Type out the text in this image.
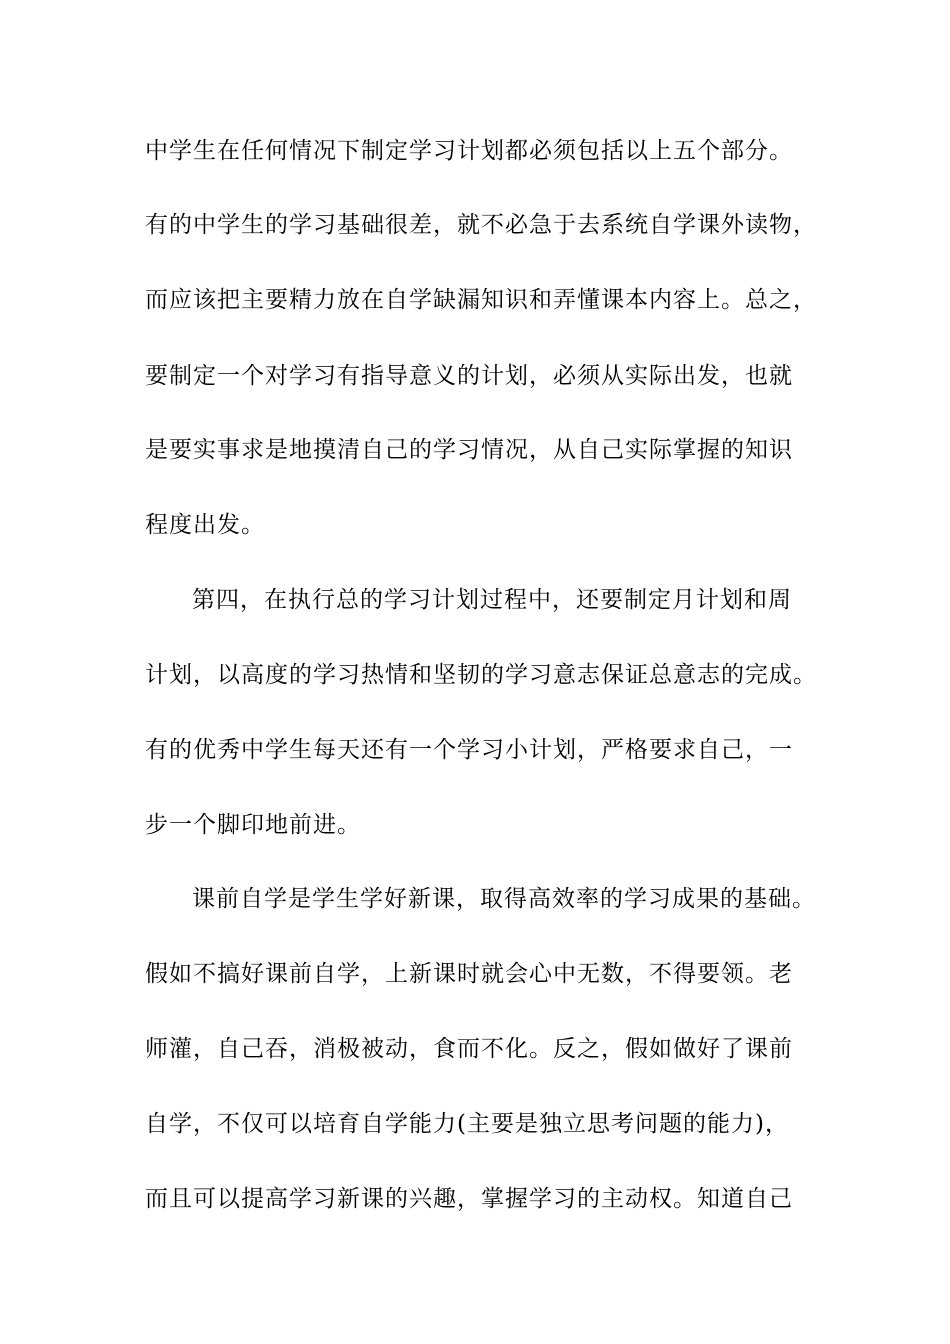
中学生在任何情况下制定学习计划都必须包括以上五个部分。
有的中学生的学习基础很差，就不必急于去系统自学课外读物，
而应该把主要精力放在自学缺漏知识和弄懂课本内容上。总之，
要制定一个对学习有指导意义的计划，必须从实际出发，也就
是要实事求是地摸清自己的学习情况，从自己实际掌握的知识
程度出发。
第四，在执行总的学习计划过程中，还要制定月计划和周
计划，以高度的学习热情和坚韧的学习意志保证总意志的完成。
有的优秀中学生每天还有一个学习小计划，严格要求自己，一
步一个脚印地前进。
课前自学是学生学好新课，取得高效率的学习成果的基础。
假如不搞好课前自学，上新课时就会心中无数，不得要领。老
师灌，自己吞，消极被动，食而不化。反之，假如做好了课前
自学，不仅可以培育自学能力(主要是独立思考问题的能力)，
而且可以提高学习新课的兴趣，掌握学习的主动权。知道自己
